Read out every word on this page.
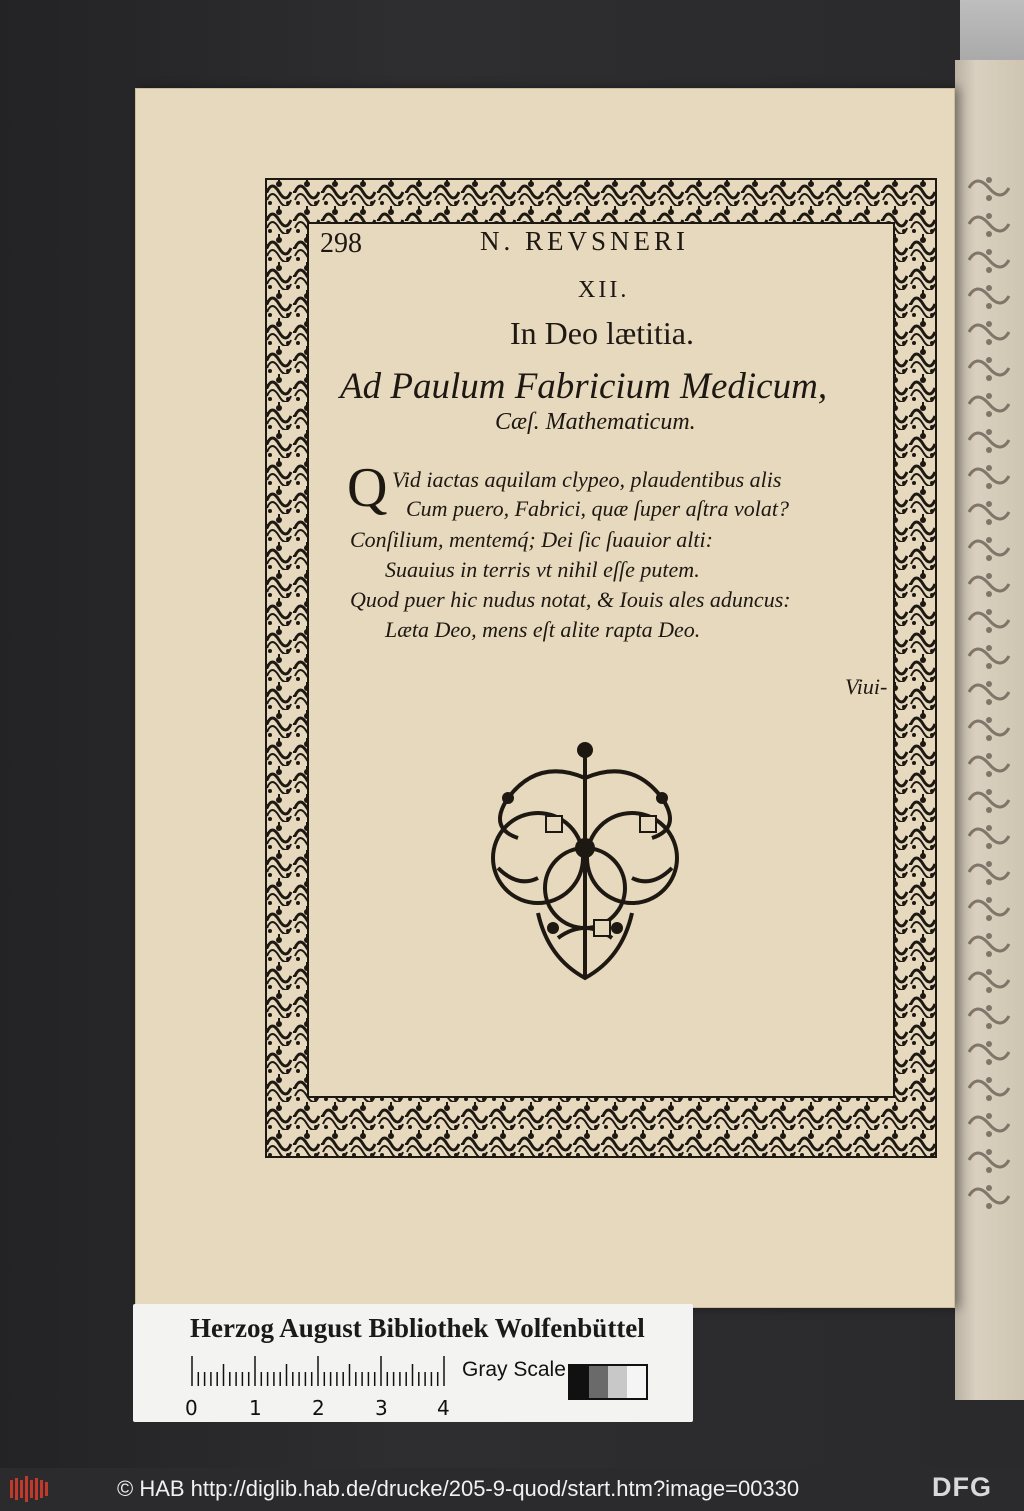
298	N. REVSNERI
XII.
In Deo lætitia.
Ad Paulum Fabricium Medicum,
Cæſ. Mathematicum.
Q Vid iactas aquilam clypeo, plaudentibus alis
Cum puero, Fabrici, quæ ſuper aſtra volat?
Conſilium, mentemq́; Dei ſic ſuauior alti:
Suauius in terris vt nihil eſſe putem.
Quod puer hic nudus notat, & Iouis ales aduncus:
Læta Deo, mens eſt alite rapta Deo.
Viui-
Herzog August Bibliothek Wolfenbüttel
0	1	2	3 4
Gray Scale
© HAB http://diglib.hab.de/drucke/205-9-quod/start.htm?image=00330	DFG
